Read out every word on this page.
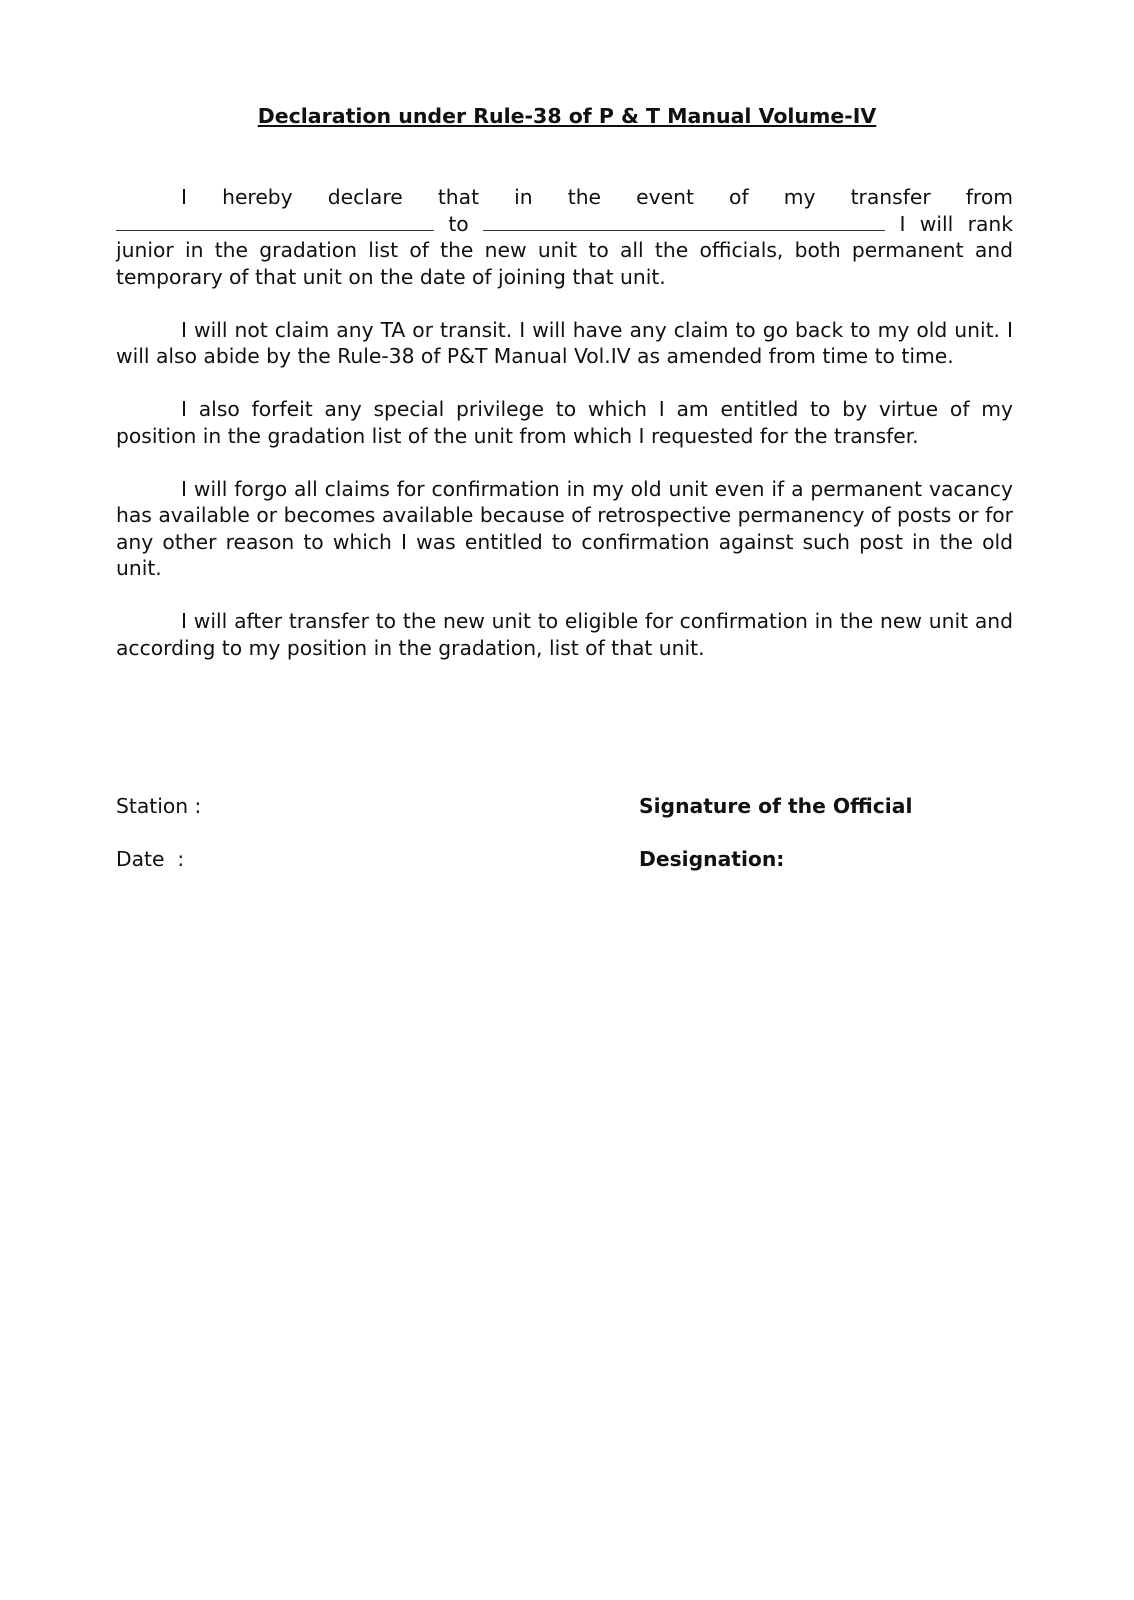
Declaration under Rule-38 of P & T Manual Volume-IV

I hereby declare that in the event of my transfer from  to	I will rank junior in the gradation list of the new unit to all the officials, both permanent and temporary of that unit on the date of joining that unit.

I will not claim any TA or transit. I will have any claim to go back to my old unit. I will also abide by the Rule-38 of P&T Manual Vol.IV as amended from time to time.

I also forfeit any special privilege to which I am entitled to by virtue of my position in the gradation list of the unit from which I requested for the transfer.

I will forgo all claims for confirmation in my old unit even if a permanent vacancy has available or becomes available because of retrospective permanency of posts or for any other reason to which I was entitled to confirmation against such post in the old unit.

I will after transfer to the new unit to eligible for confirmation in the new unit and according to my position in the gradation, list of that unit.

Station :
Date  :
Signature of the Official
Designation:
